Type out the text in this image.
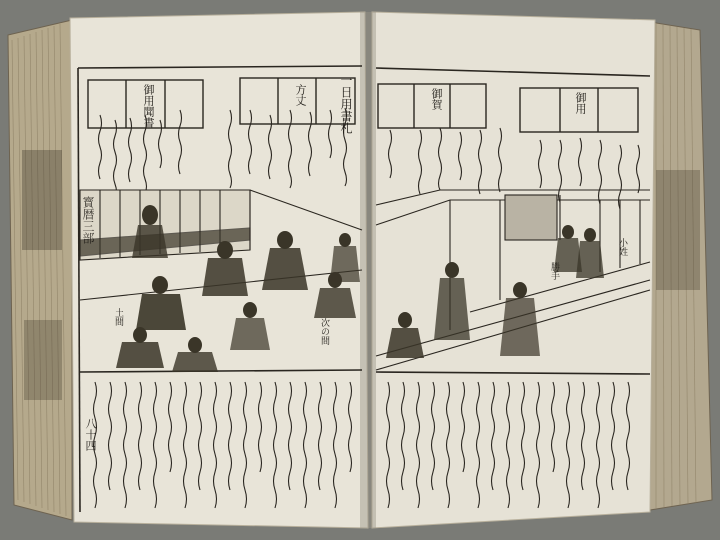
寳暦三部
一日用書札
御用聞書	方丈
次の間
土間
八十四
御賀	御用
小姓
勝手
